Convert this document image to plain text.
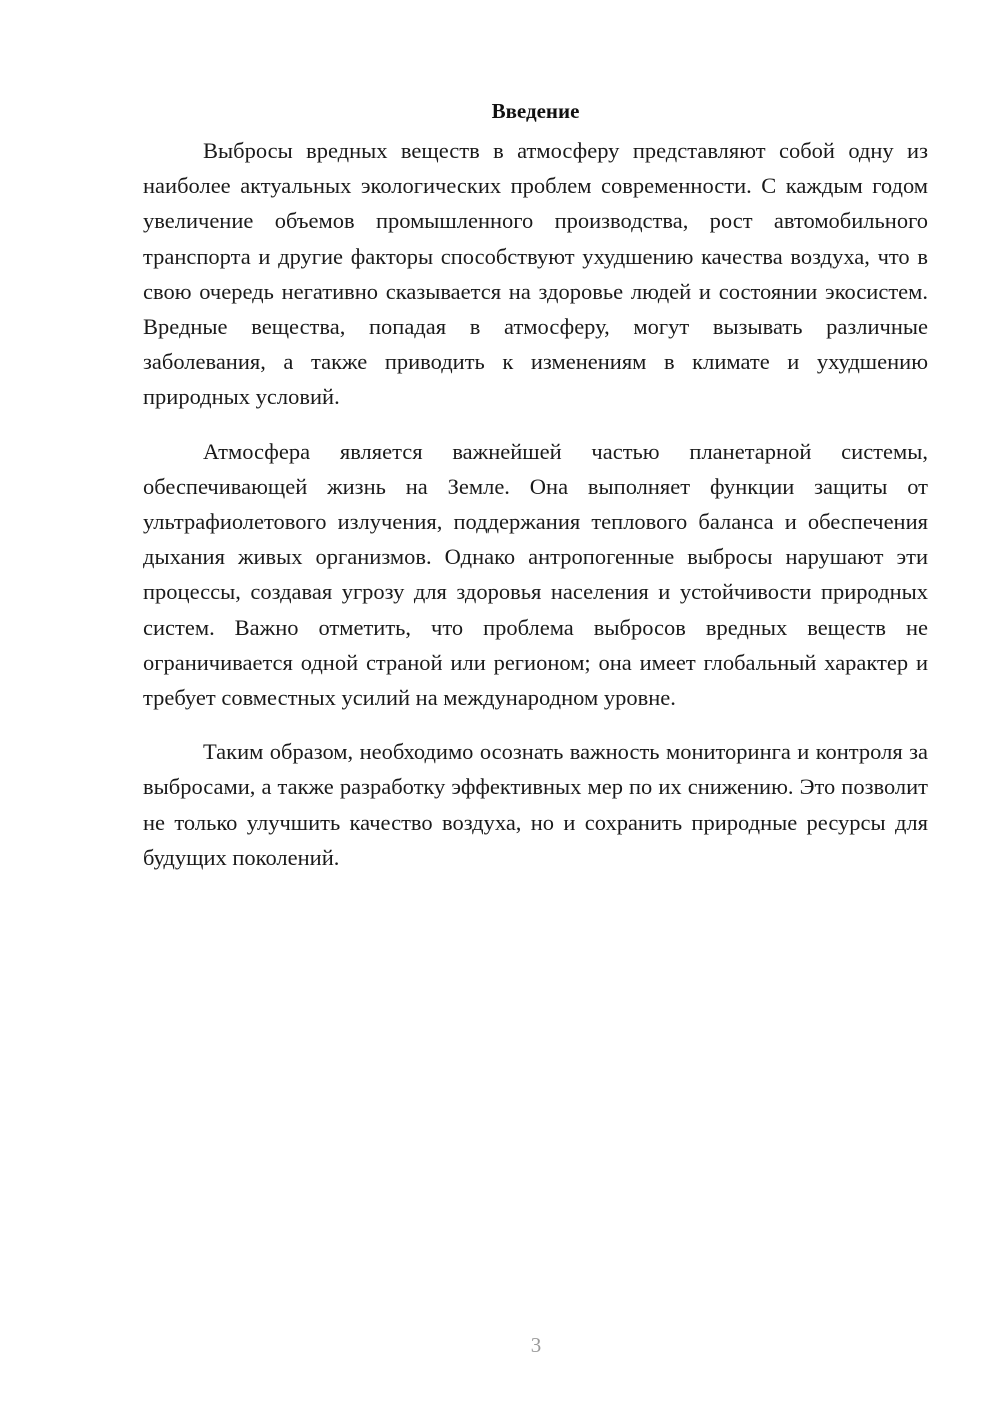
Введение

Выбросы вредных веществ в атмосферу представляют собой одну из наиболее актуальных экологических проблем современности. С каждым годом увеличение объемов промышленного производства, рост автомобильного транспорта и другие факторы способствуют ухудшению качества воздуха, что в свою очередь негативно сказывается на здоровье людей и состоянии экосистем. Вредные вещества, попадая в атмосферу, могут вызывать различные заболевания, а также приводить к изменениям в климате и ухудшению природных условий.

Атмосфера является важнейшей частью планетарной системы, обеспечивающей жизнь на Земле. Она выполняет функции защиты от ультрафиолетового излучения, поддержания теплового баланса и обеспечения дыхания живых организмов. Однако антропогенные выбросы нарушают эти процессы, создавая угрозу для здоровья населения и устойчивости природных систем. Важно отметить, что проблема выбросов вредных веществ не ограничивается одной страной или регионом; она имеет глобальный характер и требует совместных усилий на международном уровне.

Таким образом, необходимо осознать важность мониторинга и контроля за выбросами, а также разработку эффективных мер по их снижению. Это позволит не только улучшить качество воздуха, но и сохранить природные ресурсы для будущих поколений.

3
